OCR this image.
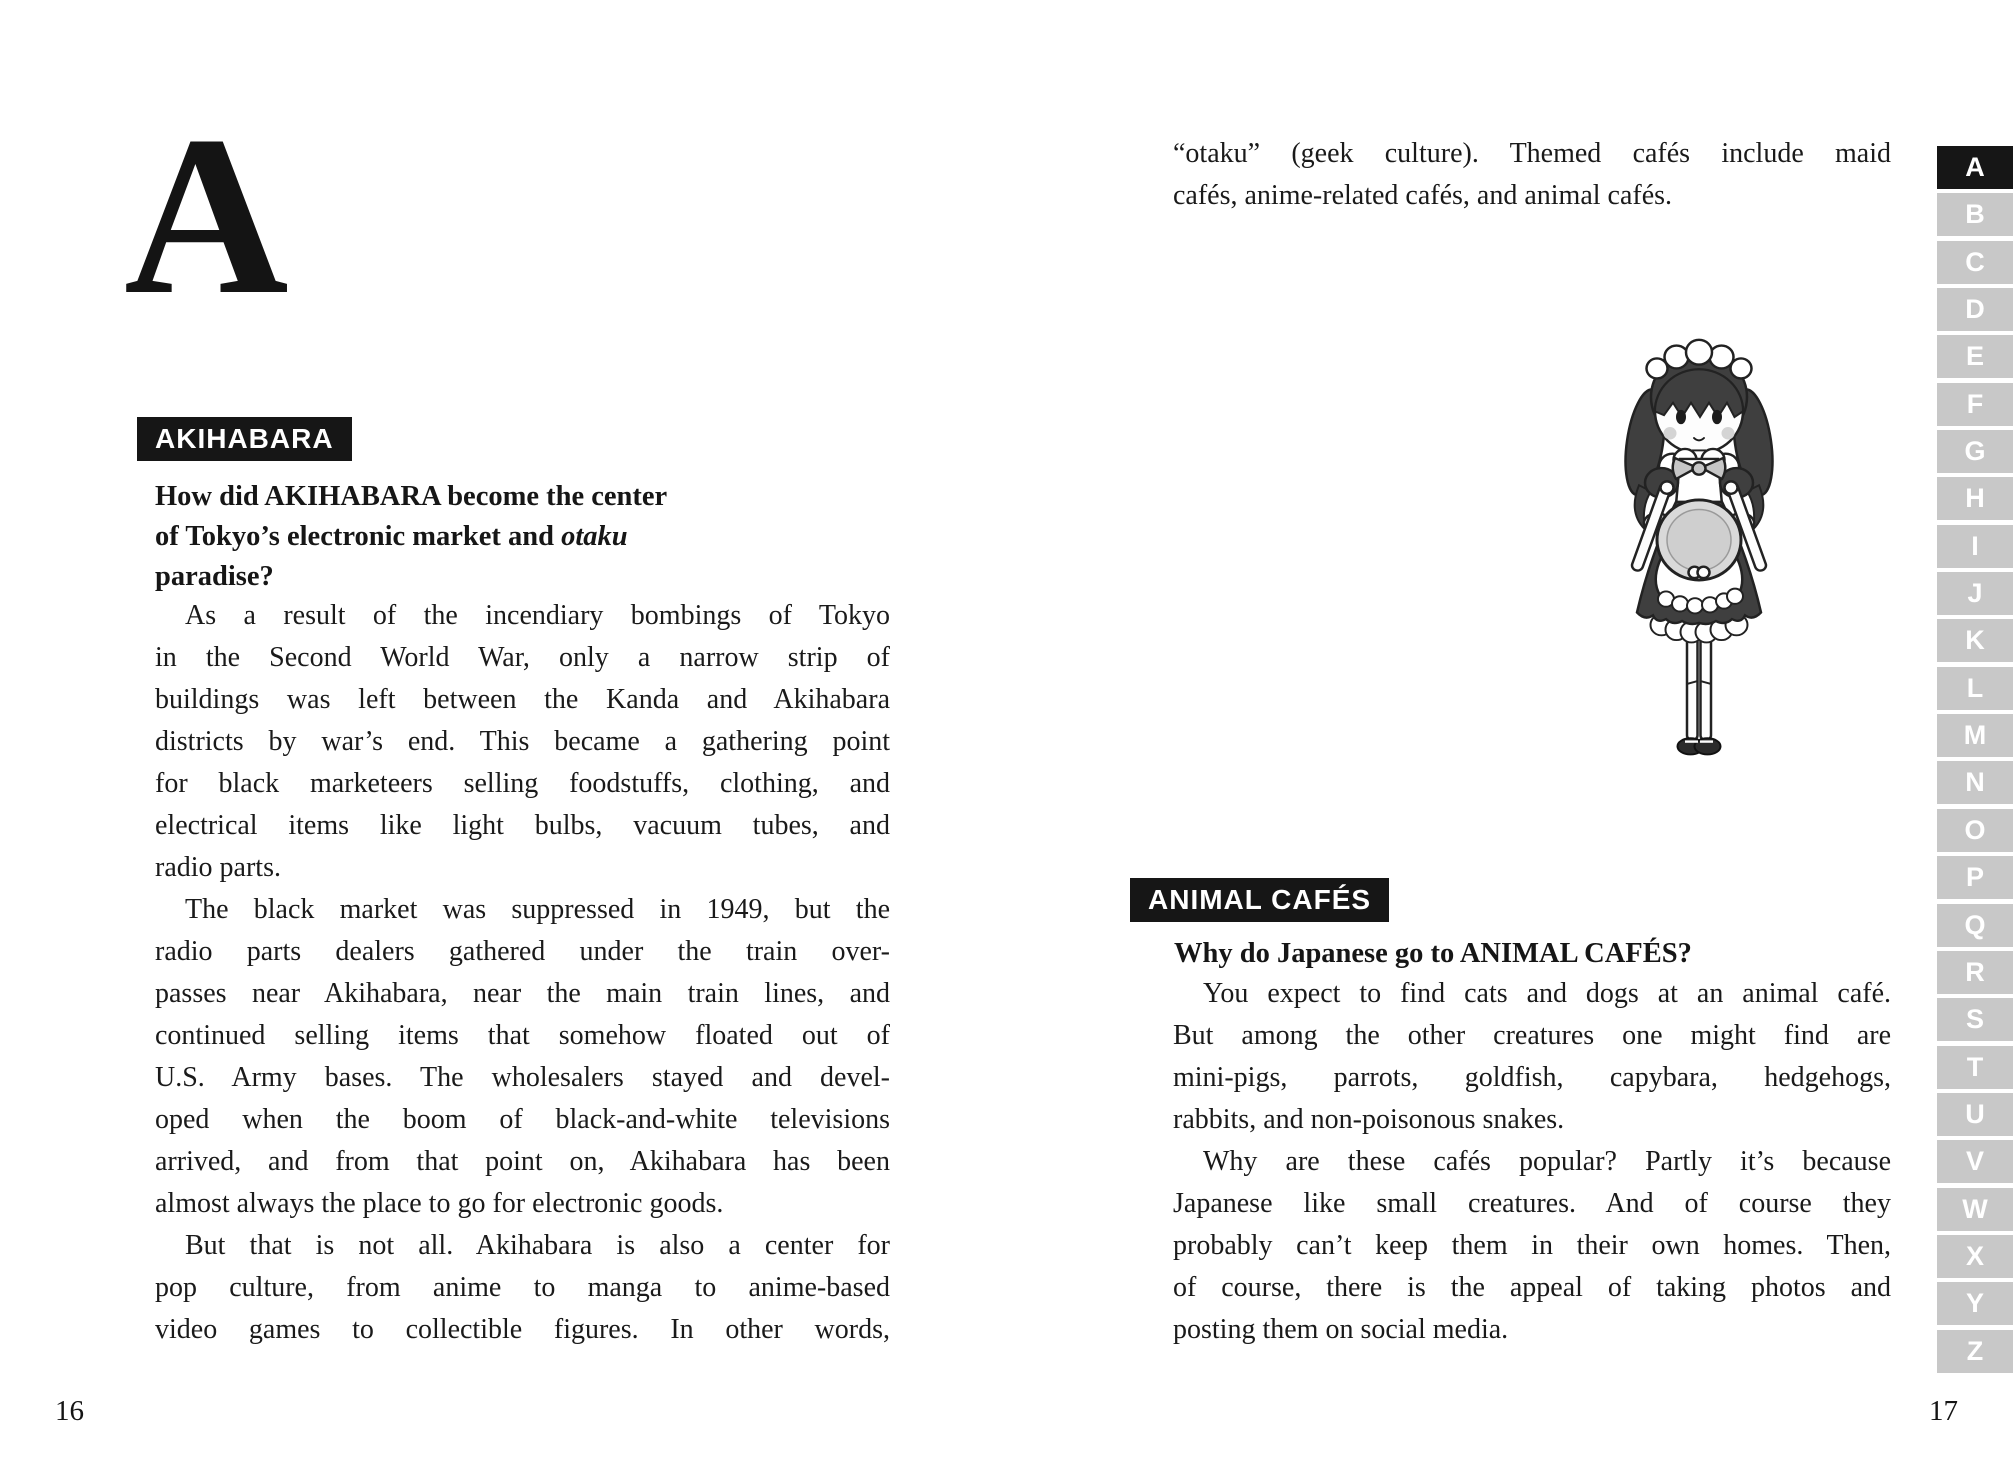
A
AKIHABARA
How did AKIHABARA become the center
of Tokyo’s electronic market and otaku
paradise?
As a result of the incendiary bombings of Tokyo
in the Second World War, only a narrow strip of
buildings was left between the Kanda and Akihabara
districts by war’s end. This became a gathering point
for black marketeers selling foodstuffs, clothing, and
electrical items like light bulbs, vacuum tubes, and
radio parts.
The black market was suppressed in 1949, but the
radio parts dealers gathered under the train over-
passes near Akihabara, near the main train lines, and
continued selling items that somehow floated out of
U.S. Army bases. The wholesalers stayed and devel-
oped when the boom of black-and-white televisions
arrived, and from that point on, Akihabara has been
almost always the place to go for electronic goods.
But that is not all. Akihabara is also a center for
pop culture, from anime to manga to anime-based
video games to collectible figures. In other words,
16
“otaku” (geek culture). Themed cafés include maid
cafés, anime-related cafés, and animal cafés.
ANIMAL CAFÉS
Why do Japanese go to ANIMAL CAFÉS?
You expect to find cats and dogs at an animal café.
But among the other creatures one might find are
mini-pigs, parrots, goldfish, capybara, hedgehogs,
rabbits, and non-poisonous snakes.
Why are these cafés popular? Partly it’s because
Japanese like small creatures. And of course they
probably can’t keep them in their own homes. Then,
of course, there is the appeal of taking photos and
posting them on social media.
17
A
B
C
D
E
F
G
H
I
J
K
L
M
N
O
P
Q
R
S
T
U
V
W
X
Y
Z
